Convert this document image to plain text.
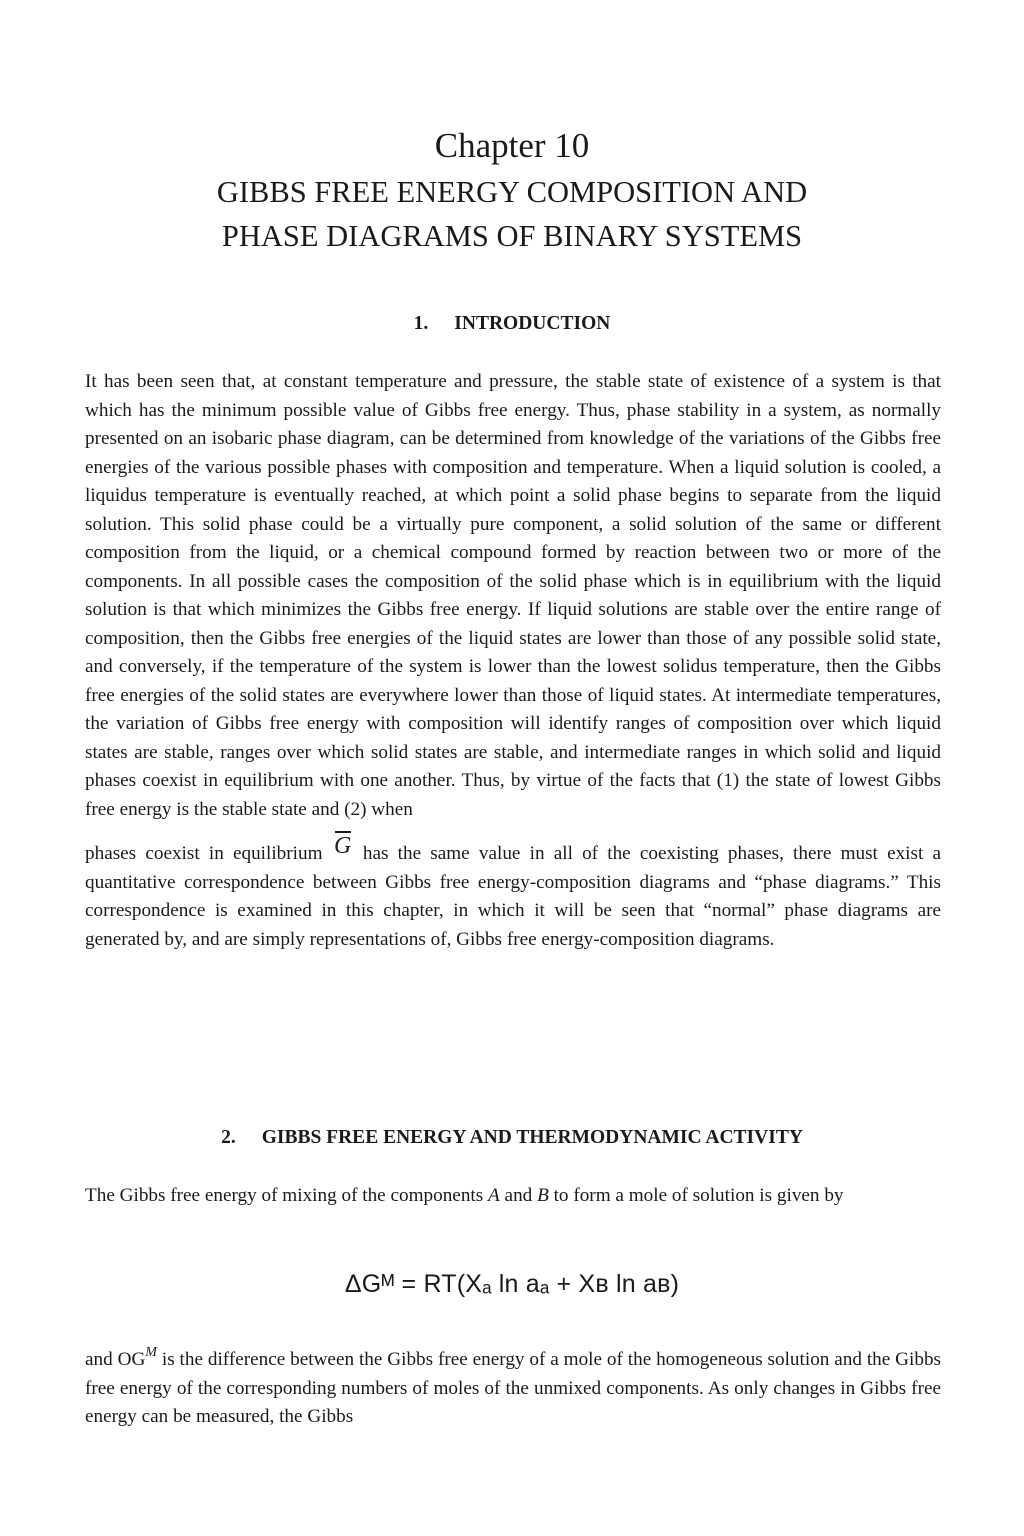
Chapter 10
GIBBS FREE ENERGY COMPOSITION AND
PHASE DIAGRAMS OF BINARY SYSTEMS
1. INTRODUCTION
It has been seen that, at constant temperature and pressure, the stable state of existence of a system is that which has the minimum possible value of Gibbs free energy. Thus, phase stability in a system, as normally presented on an isobaric phase diagram, can be determined from knowledge of the variations of the Gibbs free energies of the various possible phases with composition and temperature. When a liquid solution is cooled, a liquidus temperature is eventually reached, at which point a solid phase begins to separate from the liquid solution. This solid phase could be a virtually pure component, a solid solution of the same or different composition from the liquid, or a chemical compound formed by reaction between two or more of the components. In all possible cases the composition of the solid phase which is in equilibrium with the liquid solution is that which minimizes the Gibbs free energy. If liquid solutions are stable over the entire range of composition, then the Gibbs free energies of the liquid states are lower than those of any possible solid state, and conversely, if the temperature of the system is lower than the lowest solidus temperature, then the Gibbs free energies of the solid states are everywhere lower than those of liquid states. At intermediate temperatures, the variation of Gibbs free energy with composition will identify ranges of composition over which liquid states are stable, ranges over which solid states are stable, and intermediate ranges in which solid and liquid phases coexist in equilibrium with one another. Thus, by virtue of the facts that (1) the state of lowest Gibbs free energy is the stable state and (2) when
phases coexist in equilibrium G has the same value in all of the coexisting phases, there must exist a quantitative correspondence between Gibbs free energy-composition diagrams and “phase diagrams.” This correspondence is examined in this chapter, in which it will be seen that “normal” phase diagrams are generated by, and are simply representations of, Gibbs free energy-composition diagrams.
2. GIBBS FREE ENERGY AND THERMODYNAMIC ACTIVITY
The Gibbs free energy of mixing of the components A and B to form a mole of solution is given by
ΔGᴹ = RT(Xₐ ln aₐ + Xʙ ln aʙ)
and $OG^M$ is the difference between the Gibbs free energy of a mole of the homogeneous solution and the Gibbs free energy of the corresponding numbers of moles of the unmixed components. As only changes in Gibbs free energy can be measured, the Gibbs
